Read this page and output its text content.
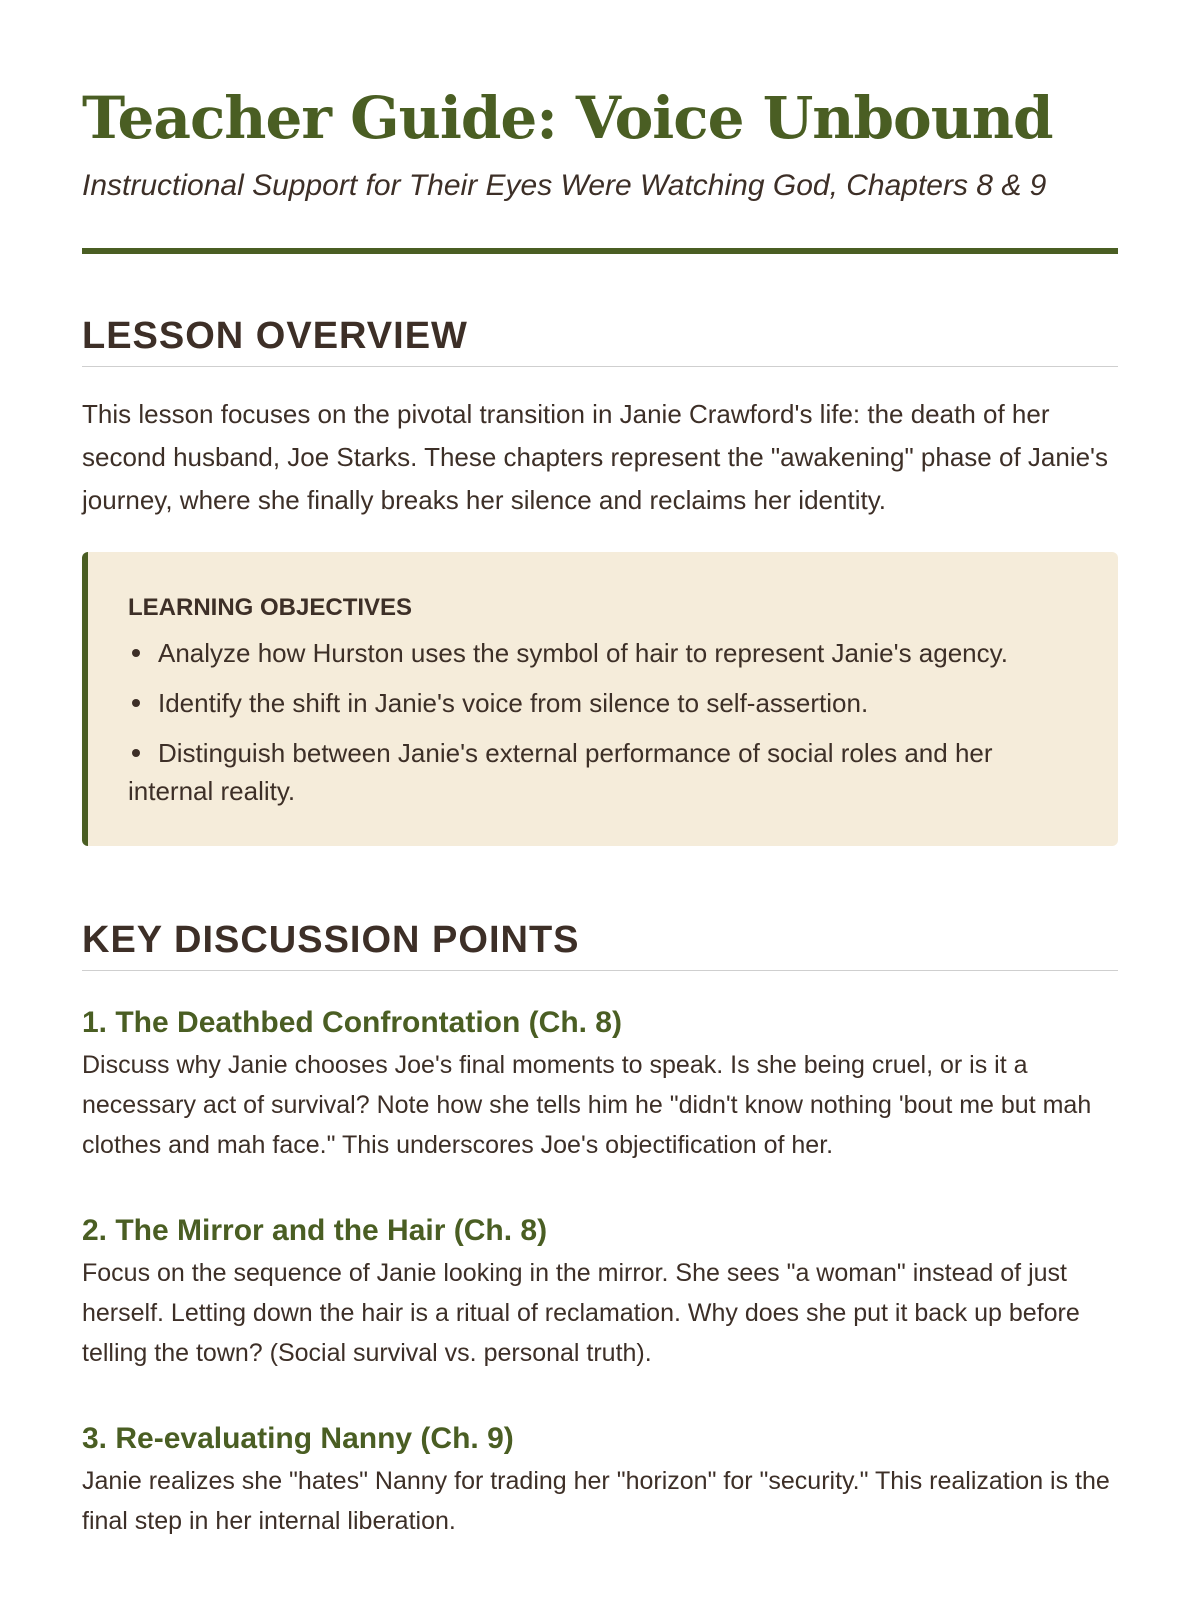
Teacher Guide: Voice Unbound

Instructional Support for Their Eyes Were Watching God, Chapters 8 & 9

LESSON OVERVIEW

This lesson focuses on the pivotal transition in Janie Crawford's life: the death of her second husband, Joe Starks. These chapters represent the "awakening" phase of Janie's journey, where she finally breaks her silence and reclaims her identity.

LEARNING OBJECTIVES
Analyze how Hurston uses the symbol of hair to represent Janie's agency.
Identify the shift in Janie's voice from silence to self-assertion.
Distinguish between Janie's external performance of social roles and her internal reality.
KEY DISCUSSION POINTS
1. The Deathbed Confrontation (Ch. 8)

Discuss why Janie chooses Joe's final moments to speak. Is she being cruel, or is it a necessary act of survival? Note how she tells him he "didn't know nothing 'bout me but mah clothes and mah face." This underscores Joe's objectification of her.

2. The Mirror and the Hair (Ch. 8)

Focus on the sequence of Janie looking in the mirror. She sees "a woman" instead of just herself. Letting down the hair is a ritual of reclamation. Why does she put it back up before telling the town? (Social survival vs. personal truth).

3. Re-evaluating Nanny (Ch. 9)

Janie realizes she "hates" Nanny for trading her "horizon" for "security." This realization is the final step in her internal liberation.
